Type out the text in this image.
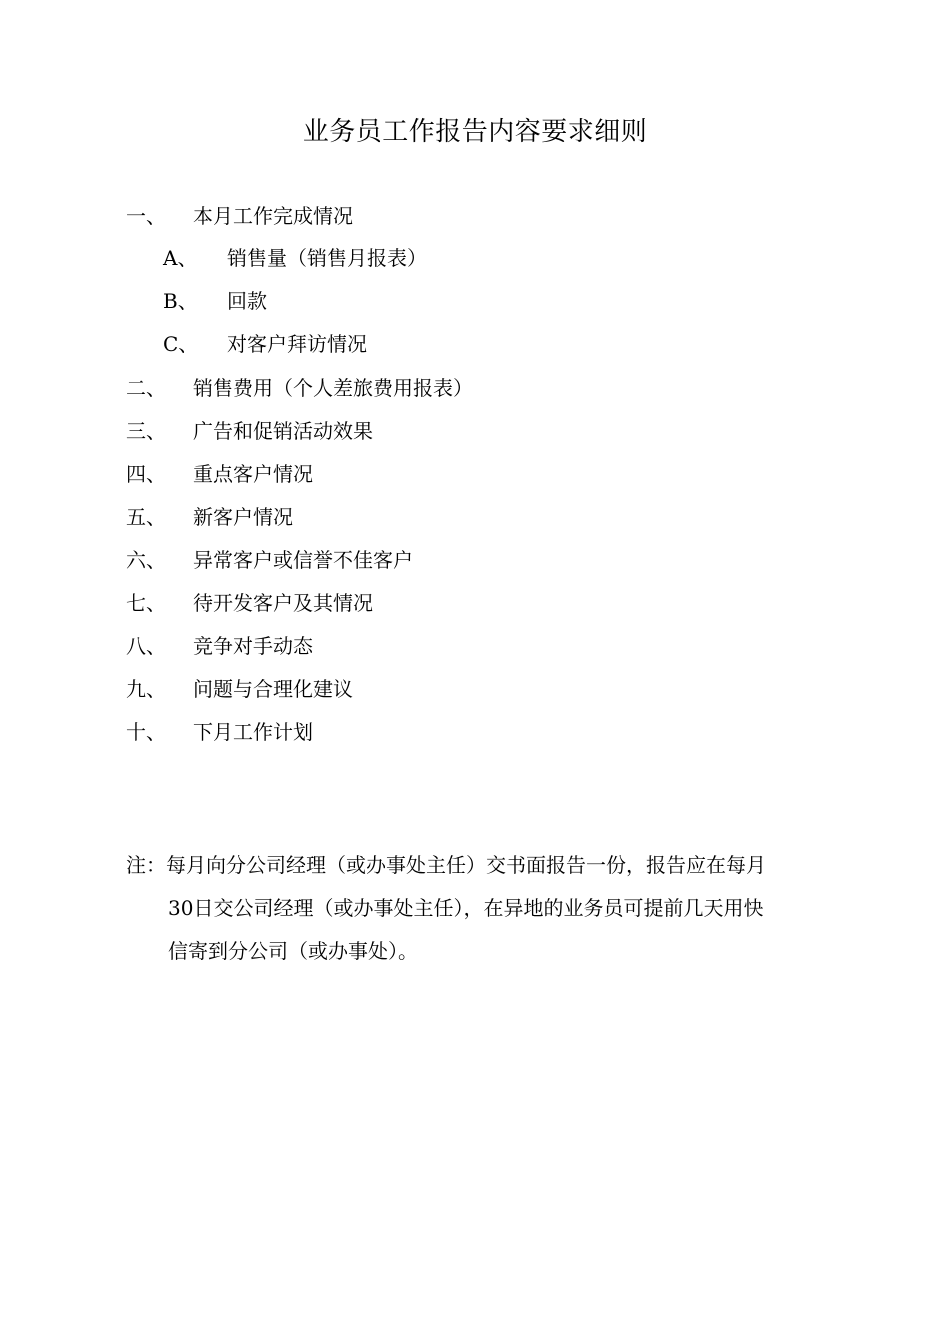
业务员工作报告内容要求细则
一、 本月工作完成情况
A、 销售量（销售月报表）
B、 回款
C、 对客户拜访情况
二、 销售费用（个人差旅费用报表）
三、 广告和促销活动效果
四、 重点客户情况
五、 新客户情况
六、 异常客户或信誉不佳客户
七、 待开发客户及其情况
八、 竞争对手动态
九、 问题与合理化建议
十、 下月工作计划
注： 每月向分公司经理（或办事处主任）交书面报告一份，报告应在每月
30日交公司经理（或办事处主任），在异地的业务员可提前几天用快
信寄到分公司（或办事处）。
